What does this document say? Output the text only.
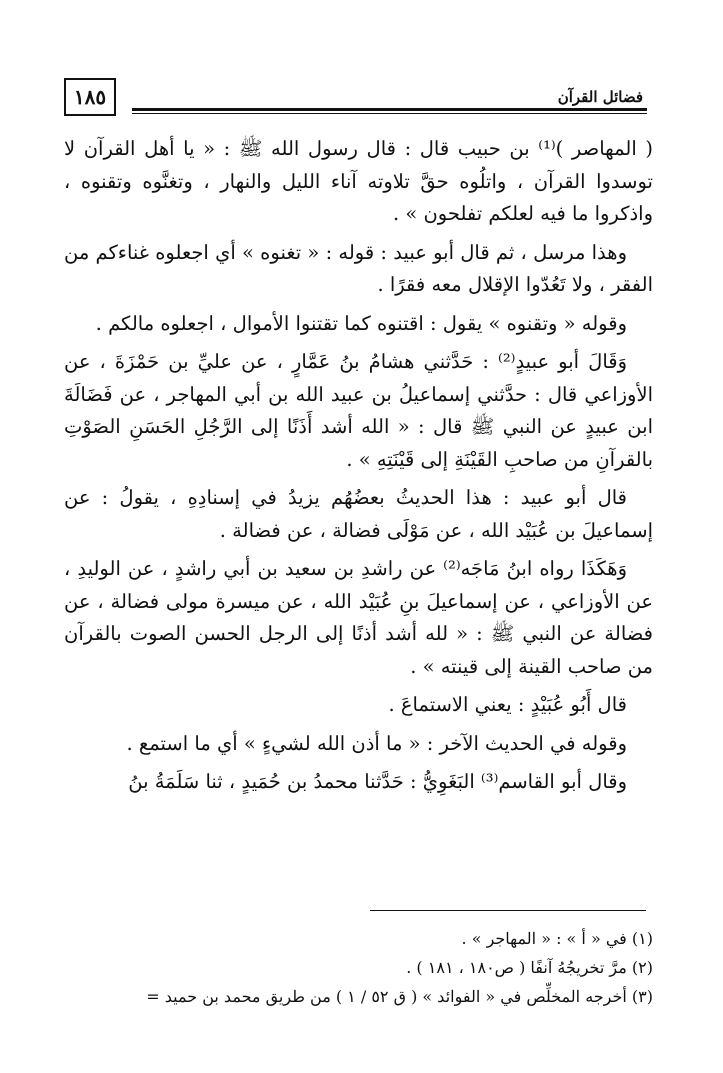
١٨٥	فضائل القرآن

( المهاصر )⁽¹⁾ بن حبيب قال : قال رسول الله ﷺ : « يا أهل القرآن لا توسدوا القرآن ، واتلُوه حقَّ تلاوته آناء الليل والنهار ، وتغنَّوه وتقنوه ، واذكروا ما فيه لعلكم تفلحون » .

وهذا مرسل ، ثم قال أبو عبيد : قوله : « تغنوه » أي اجعلوه غناءكم من الفقر ، ولا تَعُدّوا الإقلال معه فقرًا .

وقوله « وتقنوه » يقول : اقتنوه كما تقتنوا الأموال ، اجعلوه مالكم .

وَقَالَ أبو عبيدٍ⁽²⁾ : حَدَّثني هشامُ بنُ عَمَّارٍ ، عن عليِّ بن حَمْزَةَ ، عن الأوزاعي قال : حدَّثني إسماعيلُ بن عبيد الله بن أبي المهاجر ، عن فَضَالَةَ ابن عبيدٍ عن النبي ﷺ قال : « الله أشد أَذَنًا إلى الرَّجُلِ الحَسَنِ الصَوْتِ بالقرآنِ من صاحبِ القَيْنَةِ إلى قَيْنَتِهِ » .

قال أبو عبيد : هذا الحديثُ بعضُهُم يزيدُ في إسنادِهِ ، يقولُ : عن إسماعيلَ بن عُبَيْد الله ، عن مَوْلَى فضالة ، عن فضالة .

وَهَكَذَا رواه ابنُ مَاجَه⁽²⁾ عن راشدِ بن سعيد بن أبي راشدٍ ، عن الوليدِ ، عن الأوزاعي ، عن إسماعيلَ بنِ عُبَيْد الله ، عن ميسرة مولى فضالة ، عن فضالة عن النبي ﷺ : « لله أشد أذنًا إلى الرجل الحسن الصوت بالقرآن من صاحب القينة إلى قينته » .

قال أَبُو عُبَيْدٍ : يعني الاستماعَ .

وقوله في الحديث الآخر : « ما أذن الله لشيءٍ » أي ما استمع .

وقال أبو القاسم⁽³⁾ البَغَوِيُّ : حَدَّثنا محمدُ بن حُمَيدٍ ، ثنا سَلَمَةُ بنُ

(١) في « أ » : « المهاجر » .

(٢) مرَّ تخريجُهُ آنفًا ( ص١٨٠ ، ١٨١ ) .

(٣) أخرجه المخلِّص في « الفوائد » ( ق ٥٢ / ١ ) من طريق محمد بن حميد =
